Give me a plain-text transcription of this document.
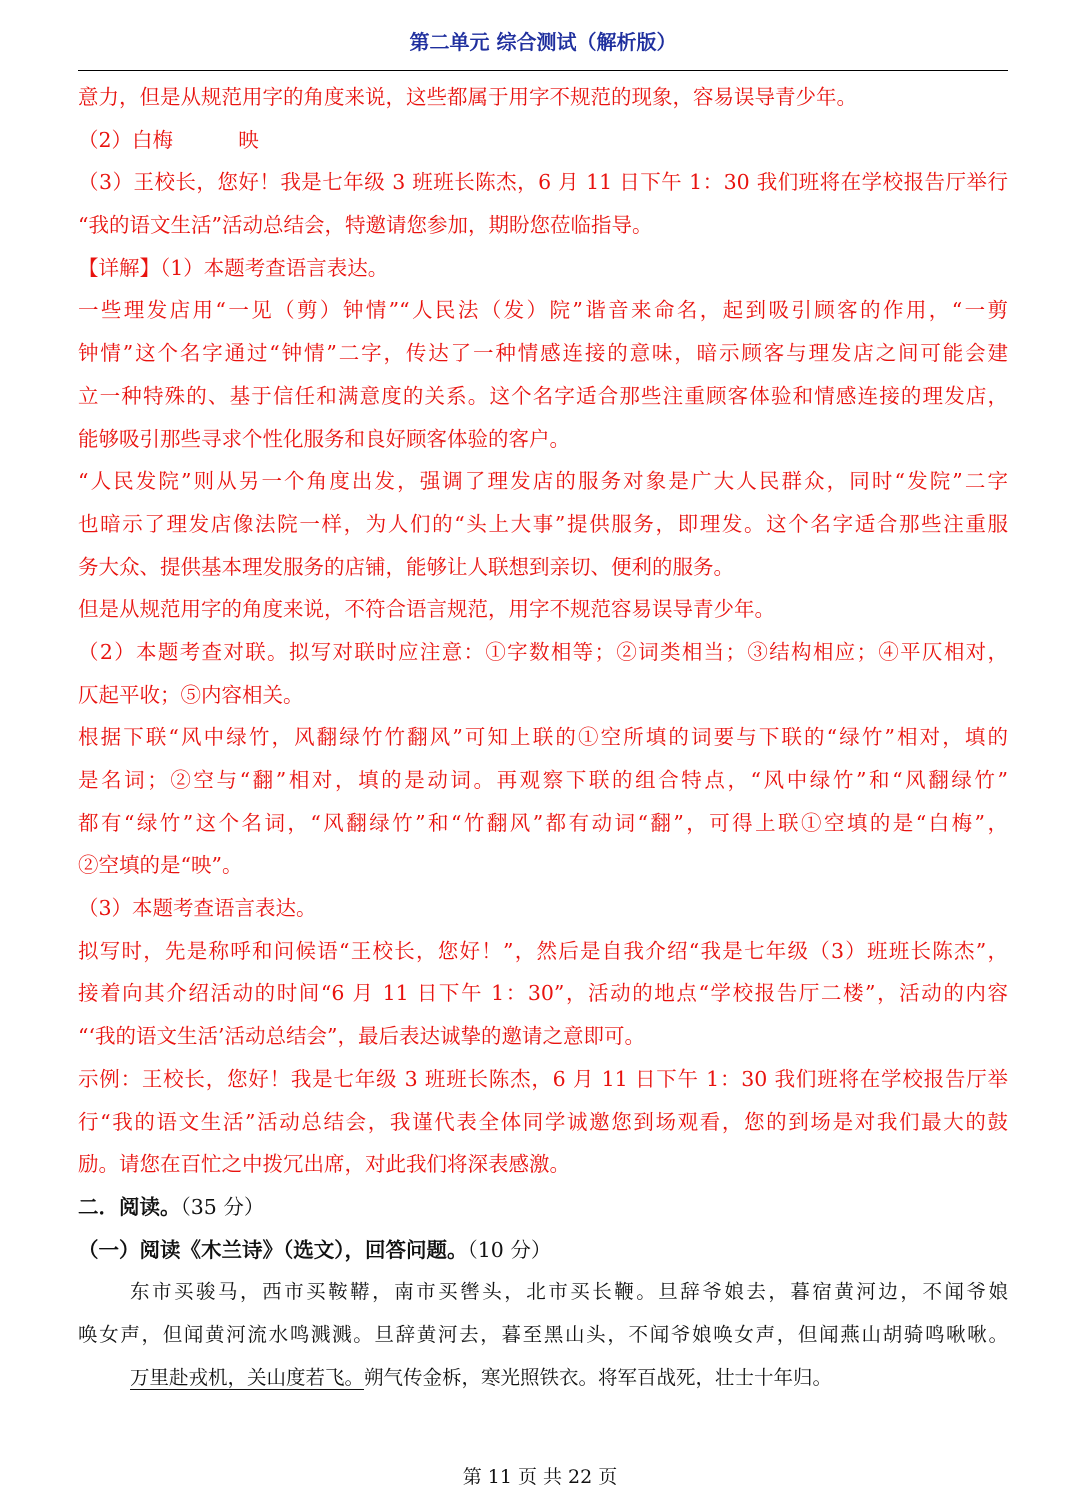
第二单元 综合测试（解析版）
意力，但是从规范用字的角度来说，这些都属于用字不规范的现象，容易误导青少年。
（2）白梅          映
（3）王校长，您好！我是七年级 3 班班长陈杰，6 月 11 日下午 1：30 我们班将在学校报告厅举行
“我的语文生活”活动总结会，特邀请您参加，期盼您莅临指导。
【详解】（1）本题考查语言表达。
一些理发店用“一见（剪）钟情”“人民法（发）院”谐音来命名，起到吸引顾客的作用，“一剪
钟情”这个名字通过“钟情”二字，传达了一种情感连接的意味，暗示顾客与理发店之间可能会建
立一种特殊的、基于信任和满意度的关系。这个名字适合那些注重顾客体验和情感连接的理发店，
能够吸引那些寻求个性化服务和良好顾客体验的客户。
“人民发院”则从另一个角度出发，强调了理发店的服务对象是广大人民群众，同时“发院”二字
也暗示了理发店像法院一样，为人们的“头上大事”提供服务，即理发。这个名字适合那些注重服
务大众、提供基本理发服务的店铺，能够让人联想到亲切、便利的服务。
但是从规范用字的角度来说，不符合语言规范，用字不规范容易误导青少年。
（2）本题考查对联。拟写对联时应注意：①字数相等；②词类相当；③结构相应；④平仄相对，
仄起平收；⑤内容相关。
根据下联“风中绿竹，风翻绿竹竹翻风”可知上联的①空所填的词要与下联的“绿竹”相对，填的
是名词；②空与“翻”相对，填的是动词。再观察下联的组合特点，“风中绿竹”和“风翻绿竹”
都有“绿竹”这个名词，“风翻绿竹”和“竹翻风”都有动词“翻”，可得上联①空填的是“白梅”，
②空填的是“映”。
（3）本题考查语言表达。
拟写时，先是称呼和问候语“王校长，您好！”，然后是自我介绍“我是七年级（3）班班长陈杰”，
接着向其介绍活动的时间“6 月 11 日下午 1：30”，活动的地点“学校报告厅二楼”，活动的内容
“‘我的语文生活’活动总结会”，最后表达诚挚的邀请之意即可。
示例：王校长，您好！我是七年级 3 班班长陈杰，6 月 11 日下午 1：30 我们班将在学校报告厅举
行“我的语文生活”活动总结会，我谨代表全体同学诚邀您到场观看，您的到场是对我们最大的鼓
励。请您在百忙之中拨冗出席，对此我们将深表感激。
二．阅读。（35 分）
（一）阅读《木兰诗》（选文），回答问题。（10 分）
东市买骏马，西市买鞍鞯，南市买辔头，北市买长鞭。旦辞爷娘去，暮宿黄河边，不闻爷娘
唤女声，但闻黄河流水鸣溅溅。旦辞黄河去，暮至黑山头，不闻爷娘唤女声，但闻燕山胡骑鸣啾啾。
万里赴戎机，关山度若飞。朔气传金柝，寒光照铁衣。将军百战死，壮士十年归。
第 11 页 共 22 页
